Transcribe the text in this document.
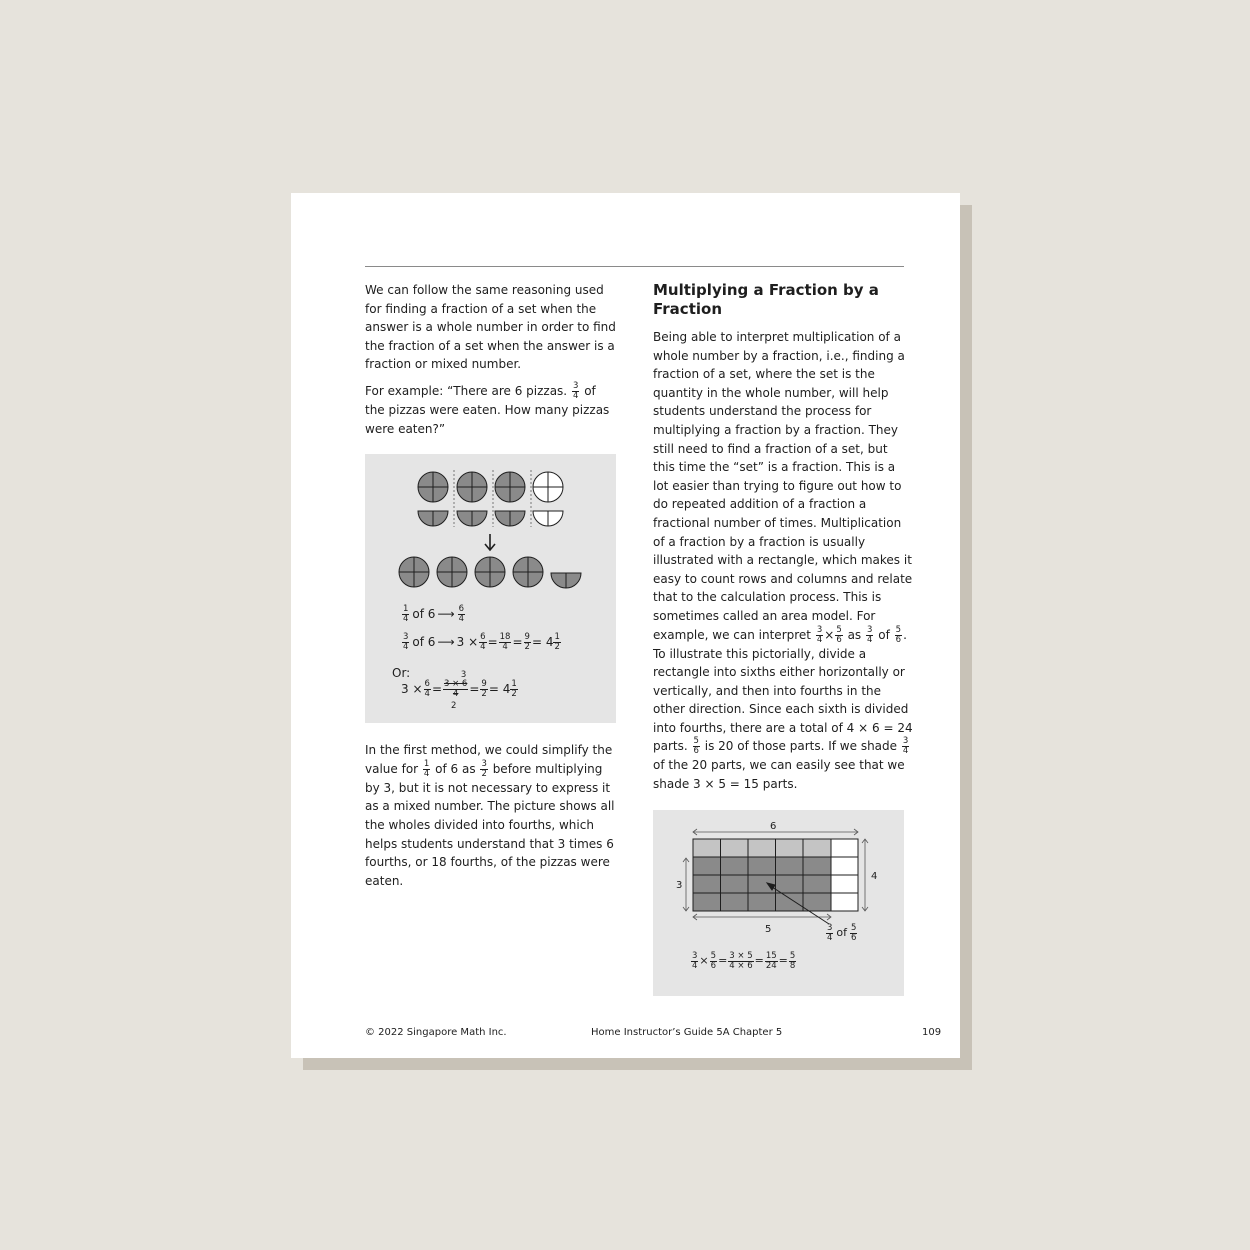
We can follow the same reasoning used for finding a fraction of a set when the answer is a whole number in order to find the fraction of a set when the answer is a fraction or mixed number.

For example: “There are 6 pizzas. $\frac{3}{4}$ of the pizzas were eaten. How many pizzas were eaten?”

$\frac{1}{4}$ of 6 ⟶ $\frac{6}{4}$
$\frac{3}{4}$ of 6 ⟶ $3 \times \frac{6}{4} = \frac{18}{4} = \frac{9}{2} = 4 \frac{1}{2}$
Or:
$3 \times \frac{6}{4}$ =
3
3 × 6
4
2
= $\frac{9}{2} = 4 \frac{1}{2}$

In the first method, we could simplify the value for $\frac{1}{4}$ of 6 as $\frac{3}{2}$ before multiplying by 3, but it is not necessary to express it as a mixed number. The picture shows all the wholes divided into fourths, which helps students understand that 3 times 6 fourths, or 18 fourths, of the pizzas were eaten.

Multiplying a Fraction by a Fraction

Being able to interpret multiplication of a whole number by a fraction, i.e., finding a fraction of a set, where the set is the quantity in the whole number, will help students understand the process for multiplying a fraction by a fraction. They still need to find a fraction of a set, but this time the “set” is a fraction. This is a lot easier than trying to figure out how to do repeated addition of a fraction a fractional number of times. Multiplication of a fraction by a fraction is usually illustrated with a rectangle, which makes it easy to count rows and columns and relate that to the calculation process. This is sometimes called an area model. For example, we can interpret $\frac{3}{4} \times \frac{5}{6}$ as $\frac{3}{4}$ of $\frac{5}{6}$ . To illustrate this pictorially, divide a rectangle into sixths either horizontally or vertically, and then into fourths in the other direction. Since each sixth is divided into fourths, there are a total of 4 × 6 = 24 parts. $\frac{5}{6}$ is 20 of those parts. If we shade $\frac{3}{4}$
of the 20 parts, we can easily see that we shade 3 × 5 = 15 parts.

6
3
4
5	$\frac{3}{4}$ of $\frac{5}{6}$
$\frac{3}{4} \times \frac{5}{6} = \frac{3 \times 5}{4 \times 6} = \frac{15}{24} = \frac{5}{8}$
© 2022 Singapore Math Inc.	Home Instructor’s Guide 5A Chapter 5	109
